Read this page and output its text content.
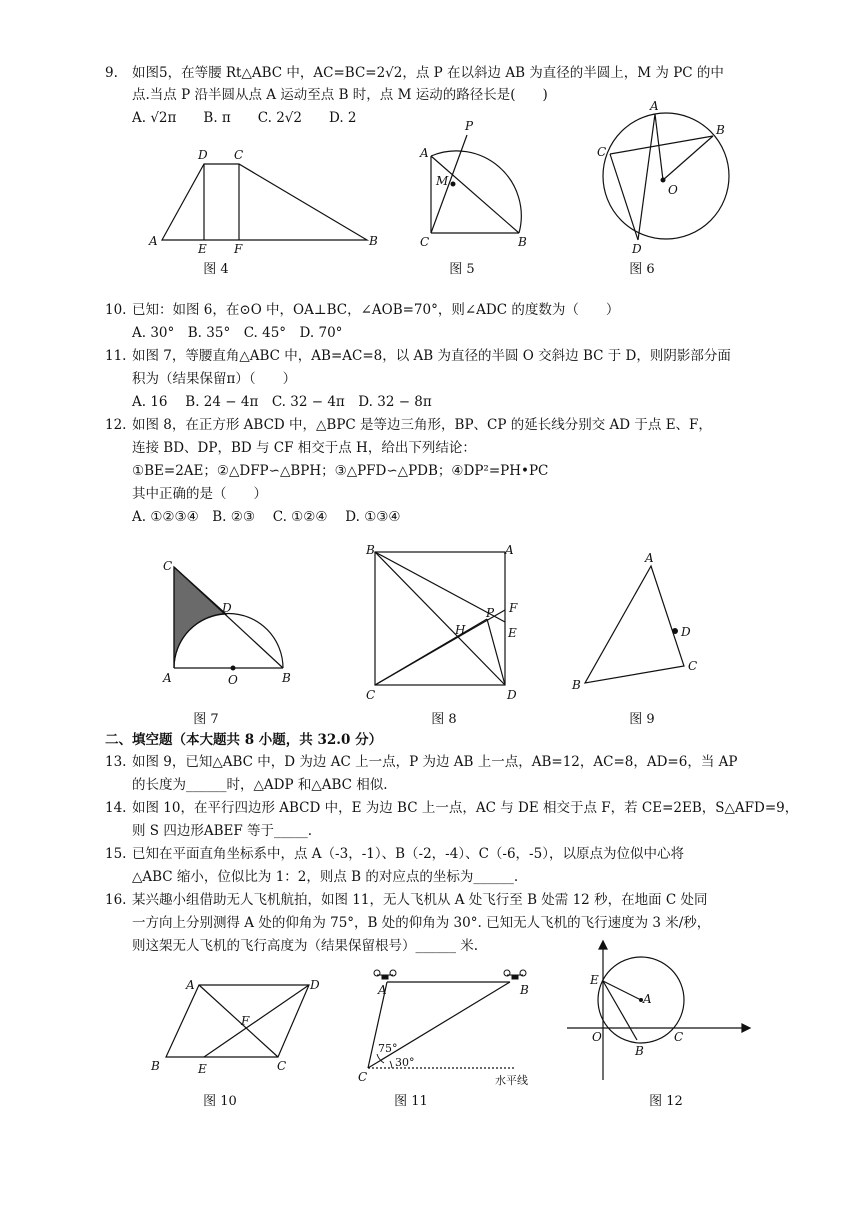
9. 如图5，在等腰 Rt△ABC 中，AC=BC=2√2，点 P 在以斜边 AB 为直径的半圆上，M 为 PC 的中
点.当点 P 沿半圆从点 A 运动至点 B 时，点 M 运动的路径长是(　　)
A. √2π　　B. π　　C. 2√2　　D. 2
图 4	图 5	图 6
10. 已知：如图 6，在⊙O 中，OA⊥BC，∠AOB=70°，则∠ADC 的度数为（　　）
A. 30°　B. 35°　C. 45°　D. 70°
11. 如图 7，等腰直角△ABC 中，AB=AC=8，以 AB 为直径的半圆 O 交斜边 BC 于 D，则阴影部分面
积为（结果保留π）（　　）
A. 16　 B. 24 − 4π　C. 32 − 4π　D. 32 − 8π
12. 如图 8，在正方形 ABCD 中，△BPC 是等边三角形，BP、CP 的延长线分别交 AD 于点 E、F，
连接 BD、DP，BD 与 CF 相交于点 H，给出下列结论：
①BE=2AE；②△DFP∽△BPH；③△PFD∽△PDB；④DP²=PH•PC
其中正确的是（　　）
A. ①②③④　B. ②③　 C. ①②④　 D. ①③④
图 7	图 8	图 9
二、填空题（本大题共 8 小题，共 32.0 分）
13. 如图 9，已知△ABC 中，D 为边 AC 上一点，P 为边 AB 上一点，AB=12，AC=8，AD=6，当 AP
的长度为______时，△ADP 和△ABC 相似.
14. 如图 10，在平行四边形 ABCD 中，E 为边 BC 上一点，AC 与 DE 相交于点 F，若 CE=2EB，S△AFD=9，
则 S 四边形ABEF 等于_____.
15. 已知在平面直角坐标系中，点 A（-3，-1）、B（-2，-4）、C（-6，-5），以原点为位似中心将
△ABC 缩小，位似比为 1：2，则点 B 的对应点的坐标为______.
16. 某兴趣小组借助无人飞机航拍，如图 11，无人飞机从 A 处飞行至 B 处需 12 秒，在地面 C 处同
一方向上分别测得 A 处的仰角为 75°，B 处的仰角为 30°. 已知无人飞机的飞行速度为 3 米/秒，
则这架无人飞机的飞行高度为（结果保留根号）______ 米.
图 10	图 11	图 12
A	B
C
D
E F
A
B
C
P
M
A
B
C
D
O
A	B
C
D
O
A
B
C	D
E
F
H
P
A
B
C
D
A
B	C
D
E
F
A	B
C
75°
30°
水平线
A
B
C
E
O
